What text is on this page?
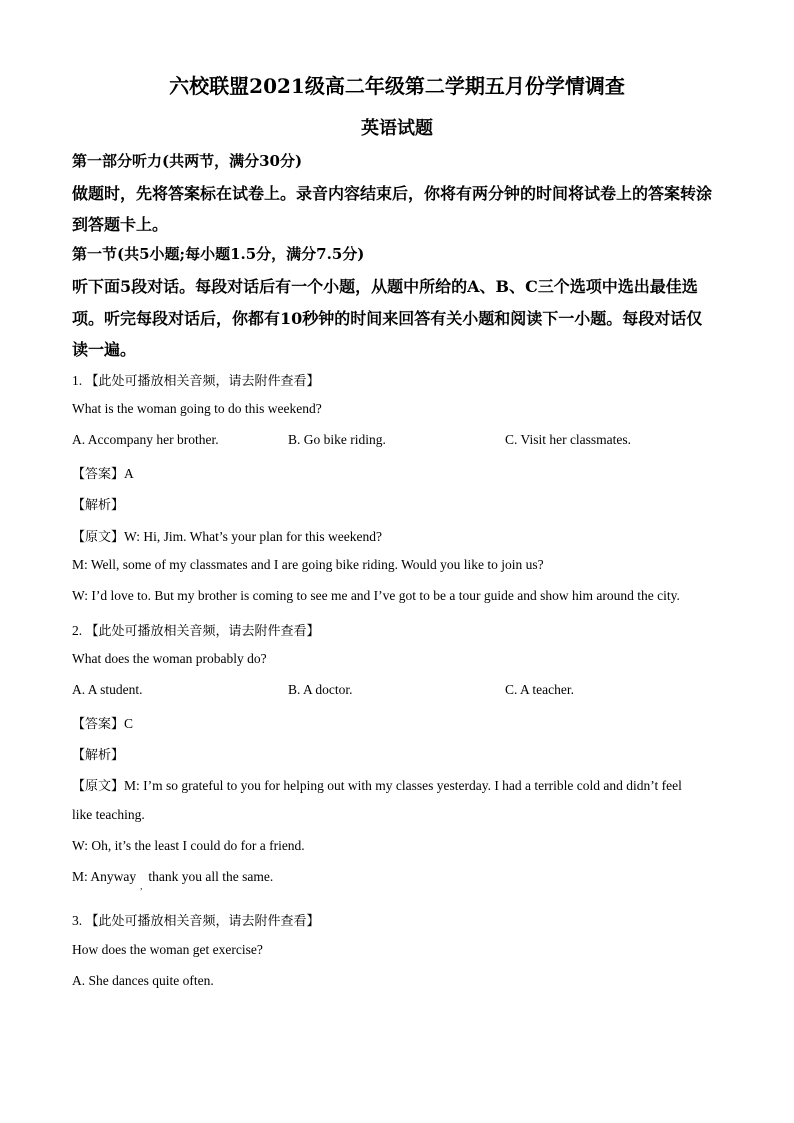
六校联盟2021级高二年级第二学期五月份学情调查
英语试题
第一部分听力(共两节，满分30分)
做题时，先将答案标在试卷上。录音内容结束后，你将有两分钟的时间将试卷上的答案转涂
到答题卡上。
第一节(共5小题;每小题1.5分，满分7.5分)
听下面5段对话。每段对话后有一个小题，从题中所给的A、B、C三个选项中选出最佳选
项。听完每段对话后，你都有10秒钟的时间来回答有关小题和阅读下一小题。每段对话仅
读一遍。
1. 【此处可播放相关音频，请去附件查看】
What is the woman going to do this weekend?
A. Accompany her brother.	B. Go bike riding.	C. Visit her classmates.
【答案】A
【解析】
【原文】W: Hi, Jim. What’s your plan for this weekend?
M: Well, some of my classmates and I are going bike riding. Would you like to join us?
W: I’d love to. But my brother is coming to see me and I’ve got to be a tour guide and show him around the city.
2. 【此处可播放相关音频，请去附件查看】
What does the woman probably do?
A. A student.	B. A doctor.	C. A teacher.
【答案】C
【解析】
【原文】M: I’m so grateful to you for helping out with my classes yesterday. I had a terrible cold and didn’t feel
like teaching.
W: Oh, it’s the least I could do for a friend.
M: Anyway$_,$thank you all the same.
3. 【此处可播放相关音频，请去附件查看】
How does the woman get exercise?
A. She dances quite often.
